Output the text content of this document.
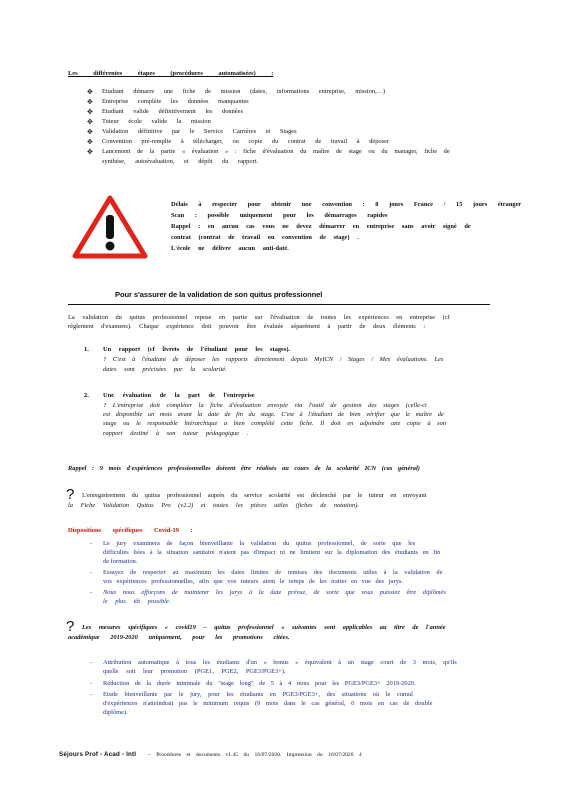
Les différentes étapes (procédures automatisées) :
✥ Etudiant démarre une fiche de mission (dates, informations entreprise, mission,…)
✥ Entreprise complète les données manquantes
✥ Etudiant valide définitivement les données
✥ Tuteur école valide la mission
✥ Validation définitive par le Service Carrières et Stages
✥ Convention pré-remplie à télécharger, ou copie du contrat de travail à déposer
✥ Lancement de la partie « évaluation » : fiche d'évaluation du maître de stage ou du manager, fiche de
synthèse, autoévaluation, et dépôt du rapport.
Délais à respecter pour obtenir une convention : 8 jours France / 15 jours étranger
Scan : possible uniquement pour les démarrages rapides
Rappel : en aucun cas vous ne devez démarrer en entreprise sans avoir signé de
contrat (contrat de travail ou convention de stage) .
L'école ne délivre aucun anti-daté.
Pour s'assurer de la validation de son quitus professionnel
La validation du quitus professionnel repose en partie sur l'évaluation de toutes les expériences en entreprise (cf
règlement d'examens). Chaque expérience doit pouvoir être évaluée séparément à partir de deux éléments :
1. Un rapport (cf livrets de l'étudiant pour les stages).
? C'est à l'étudiant de déposer les rapports directement depuis MyICN / Stages / Mes évaluations. Les
dates sont précisées par la scolarité.
2. Une évaluation de la part de l'entreprise
? L'entreprise doit compléter la fiche d'évaluation envoyée via l'outil de gestion des stages (celle-ci
est disponible un mois avant la date de fin du stage. C'est à l'étudiant de bien vérifier que le maître de
stage ou le responsable hiérarchique a bien complété cette fiche. Il doit en adjoindre une copie à son
rapport destiné à son tuteur pédagogique .
Rappel : 9 mois d'expériences professionnelles doivent être réalisés au cours de la scolarité ICN (cas général)
? L'enregistrement du quitus professionnel auprès du service scolarité est déclenché par le tuteur en envoyant
la Fiche Validation Quitus Pro (v2.2) et toutes les pièces utiles (fiches de notation).
Dispositions spécifiques Covid-19 :
- Le jury examinera de façon bienveillante la validation du quitus professionnel, de sorte que les
difficultés liées à la situation sanitaire n'aient pas d'impact ni ne limitent sur la diplomation des étudiants en fin
de formation.
- Essayez de respecter au maximum les dates limites de remises des documents utiles à la validation de
vos expériences professionnelles, afin que vos tuteurs aient le temps de les traiter en vue des jurys.
- Nous nous efforçons de maintenir les jurys à la date prévue, de sorte que vous puissiez être diplômés
le plus tôt possible.
? Les mesures spécifiques « covid19 – quitus professionnel » suivantes sont applicables au titre de l'année
académique 2019-2020 uniquement, pour les promotions citées.
- Attribution automatique à tous les étudiants d'un « bonus » équivalent à un stage court de 3 mois, qu'ils
quelle soit leur promotion (PGE1, PGE2, PGE3/PGE3+).
- Réduction de la durée minimale du "stage long" de 5 à 4 mois pour les PGE3/PGE3+ 2019-2020.
- Etude bienveillante par le jury, pour les étudiants en PGE3/PGE3+, des situations où le cumul
d'expériences n'atteindrait pas le minimum requis (9 mois dans le cas général, 6 mois en cas de double
diplôme).
Séjours Prof - Acad - Intl – Procédures et documents v1.45 du 16/07/2020. Impression du 16/07/2020 4
